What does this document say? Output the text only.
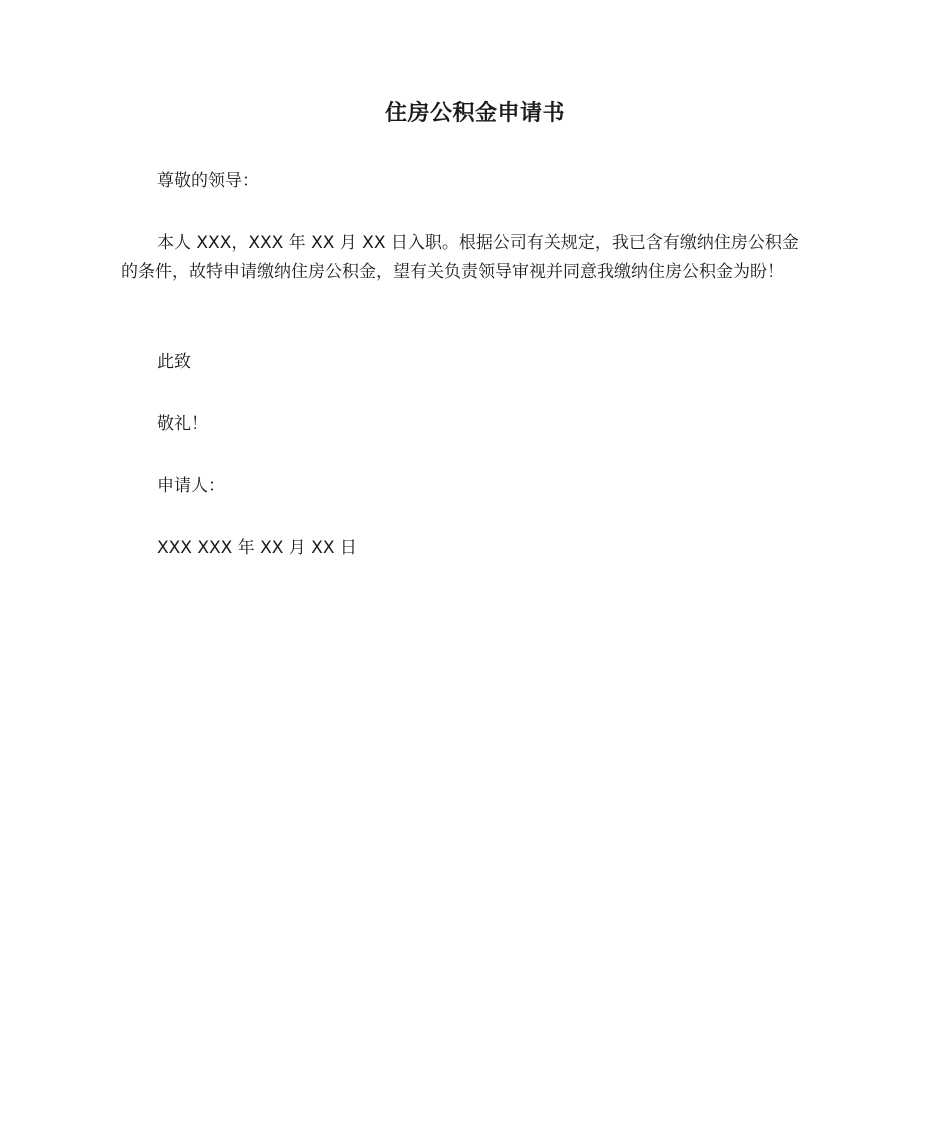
住房公积金申请书
尊敬的领导：
本人 XXX，XXX 年 XX 月 XX 日入职。根据公司有关规定，我已含有缴纳住房公积金
的条件，故特申请缴纳住房公积金，望有关负责领导审视并同意我缴纳住房公积金为盼！
此致
敬礼！
申请人：
XXX XXX 年 XX 月 XX 日
